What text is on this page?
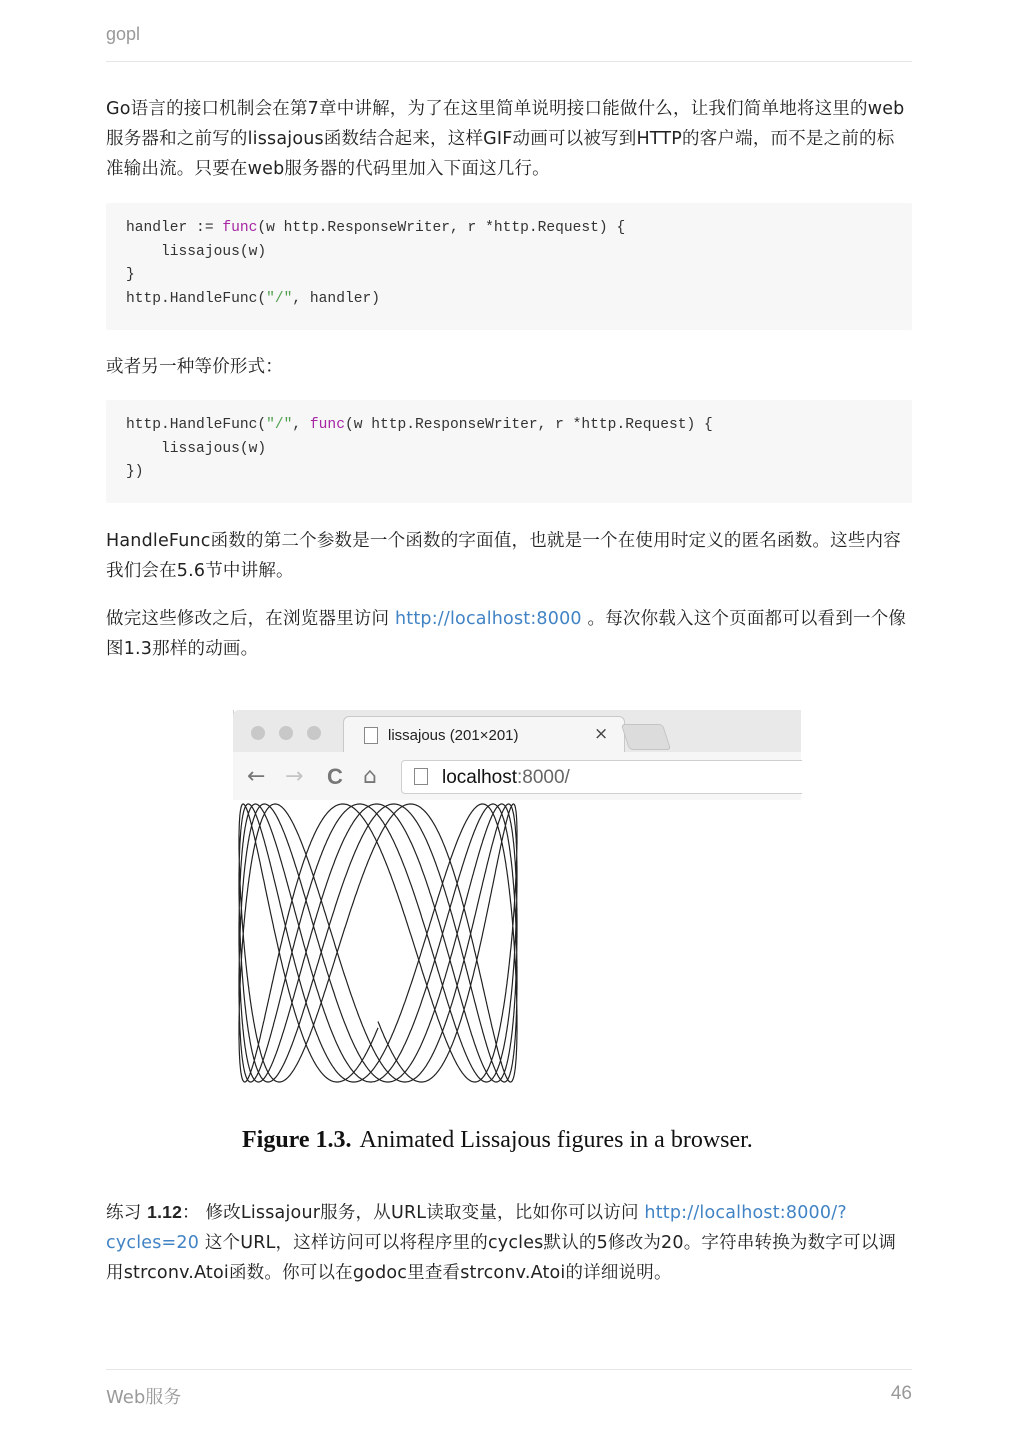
gopl
Go语言的接口机制会在第7章中讲解，为了在这里简单说明接口能做什么，让我们简单地将这里的web服务器和之前写的lissajous函数结合起来，这样GIF动画可以被写到HTTP的客户端，而不是之前的标准输出流。只要在web服务器的代码里加入下面这几行。
handler := func(w http.ResponseWriter, r *http.Request) {
lissajous(w)
}
http.HandleFunc("/", handler)
或者另一种等价形式：
http.HandleFunc("/", func(w http.ResponseWriter, r *http.Request) {
lissajous(w)
})
HandleFunc函数的第二个参数是一个函数的字面值，也就是一个在使用时定义的匿名函数。这些内容我们会在5.6节中讲解。
做完这些修改之后，在浏览器里访问 http://localhost:8000 。每次你载入这个页面都可以看到一个像图1.3那样的动画。
lissajous (201×201)	×
← → C ⌂	localhost:8000/
Figure 1.3. Animated Lissajous figures in a browser.
练习 1.12： 修改Lissajour服务，从URL读取变量，比如你可以访问 http://localhost:8000/?cycles=20 这个URL，这样访问可以将程序里的cycles默认的5修改为20。字符串转换为数字可以调用strconv.Atoi函数。你可以在godoc里查看strconv.Atoi的详细说明。
Web服务	46
